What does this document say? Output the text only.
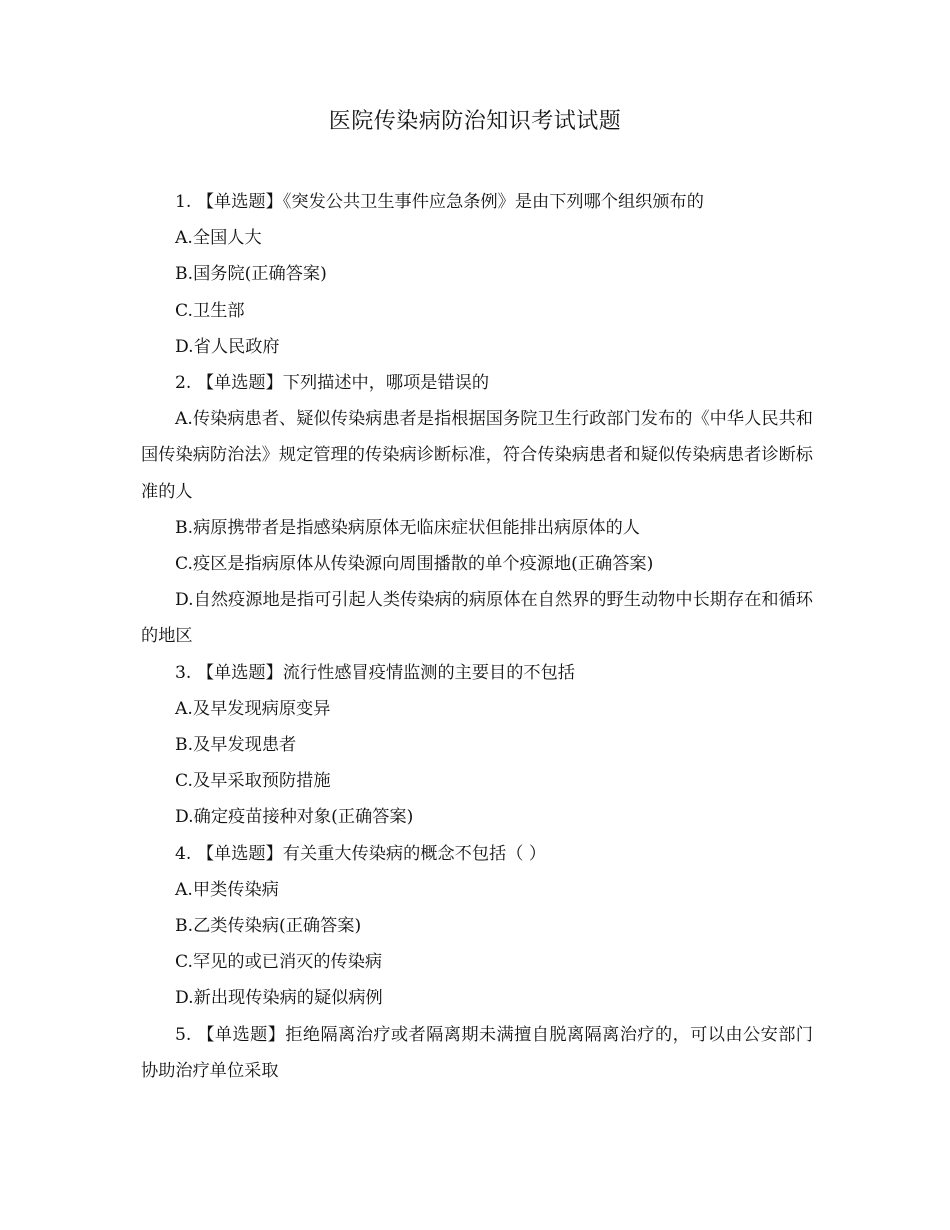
医院传染病防治知识考试试题

1. 【单选题】《突发公共卫生事件应急条例》是由下列哪个组织颁布的

A.全国人大

B.国务院(正确答案)

C.卫生部

D.省人民政府

2. 【单选题】下列描述中，哪项是错误的

A.传染病患者、疑似传染病患者是指根据国务院卫生行政部门发布的《中华人民共和国传染病防治法》规定管理的传染病诊断标准，符合传染病患者和疑似传染病患者诊断标准的人

B.病原携带者是指感染病原体无临床症状但能排出病原体的人

C.疫区是指病原体从传染源向周围播散的单个疫源地(正确答案)

D.自然疫源地是指可引起人类传染病的病原体在自然界的野生动物中长期存在和循环的地区

3. 【单选题】流行性感冒疫情监测的主要目的不包括

A.及早发现病原变异

B.及早发现患者

C.及早采取预防措施

D.确定疫苗接种对象(正确答案)

4. 【单选题】有关重大传染病的概念不包括（ ）

A.甲类传染病

B.乙类传染病(正确答案)

C.罕见的或已消灭的传染病

D.新出现传染病的疑似病例

5. 【单选题】拒绝隔离治疗或者隔离期未满擅自脱离隔离治疗的，可以由公安部门协助治疗单位采取
